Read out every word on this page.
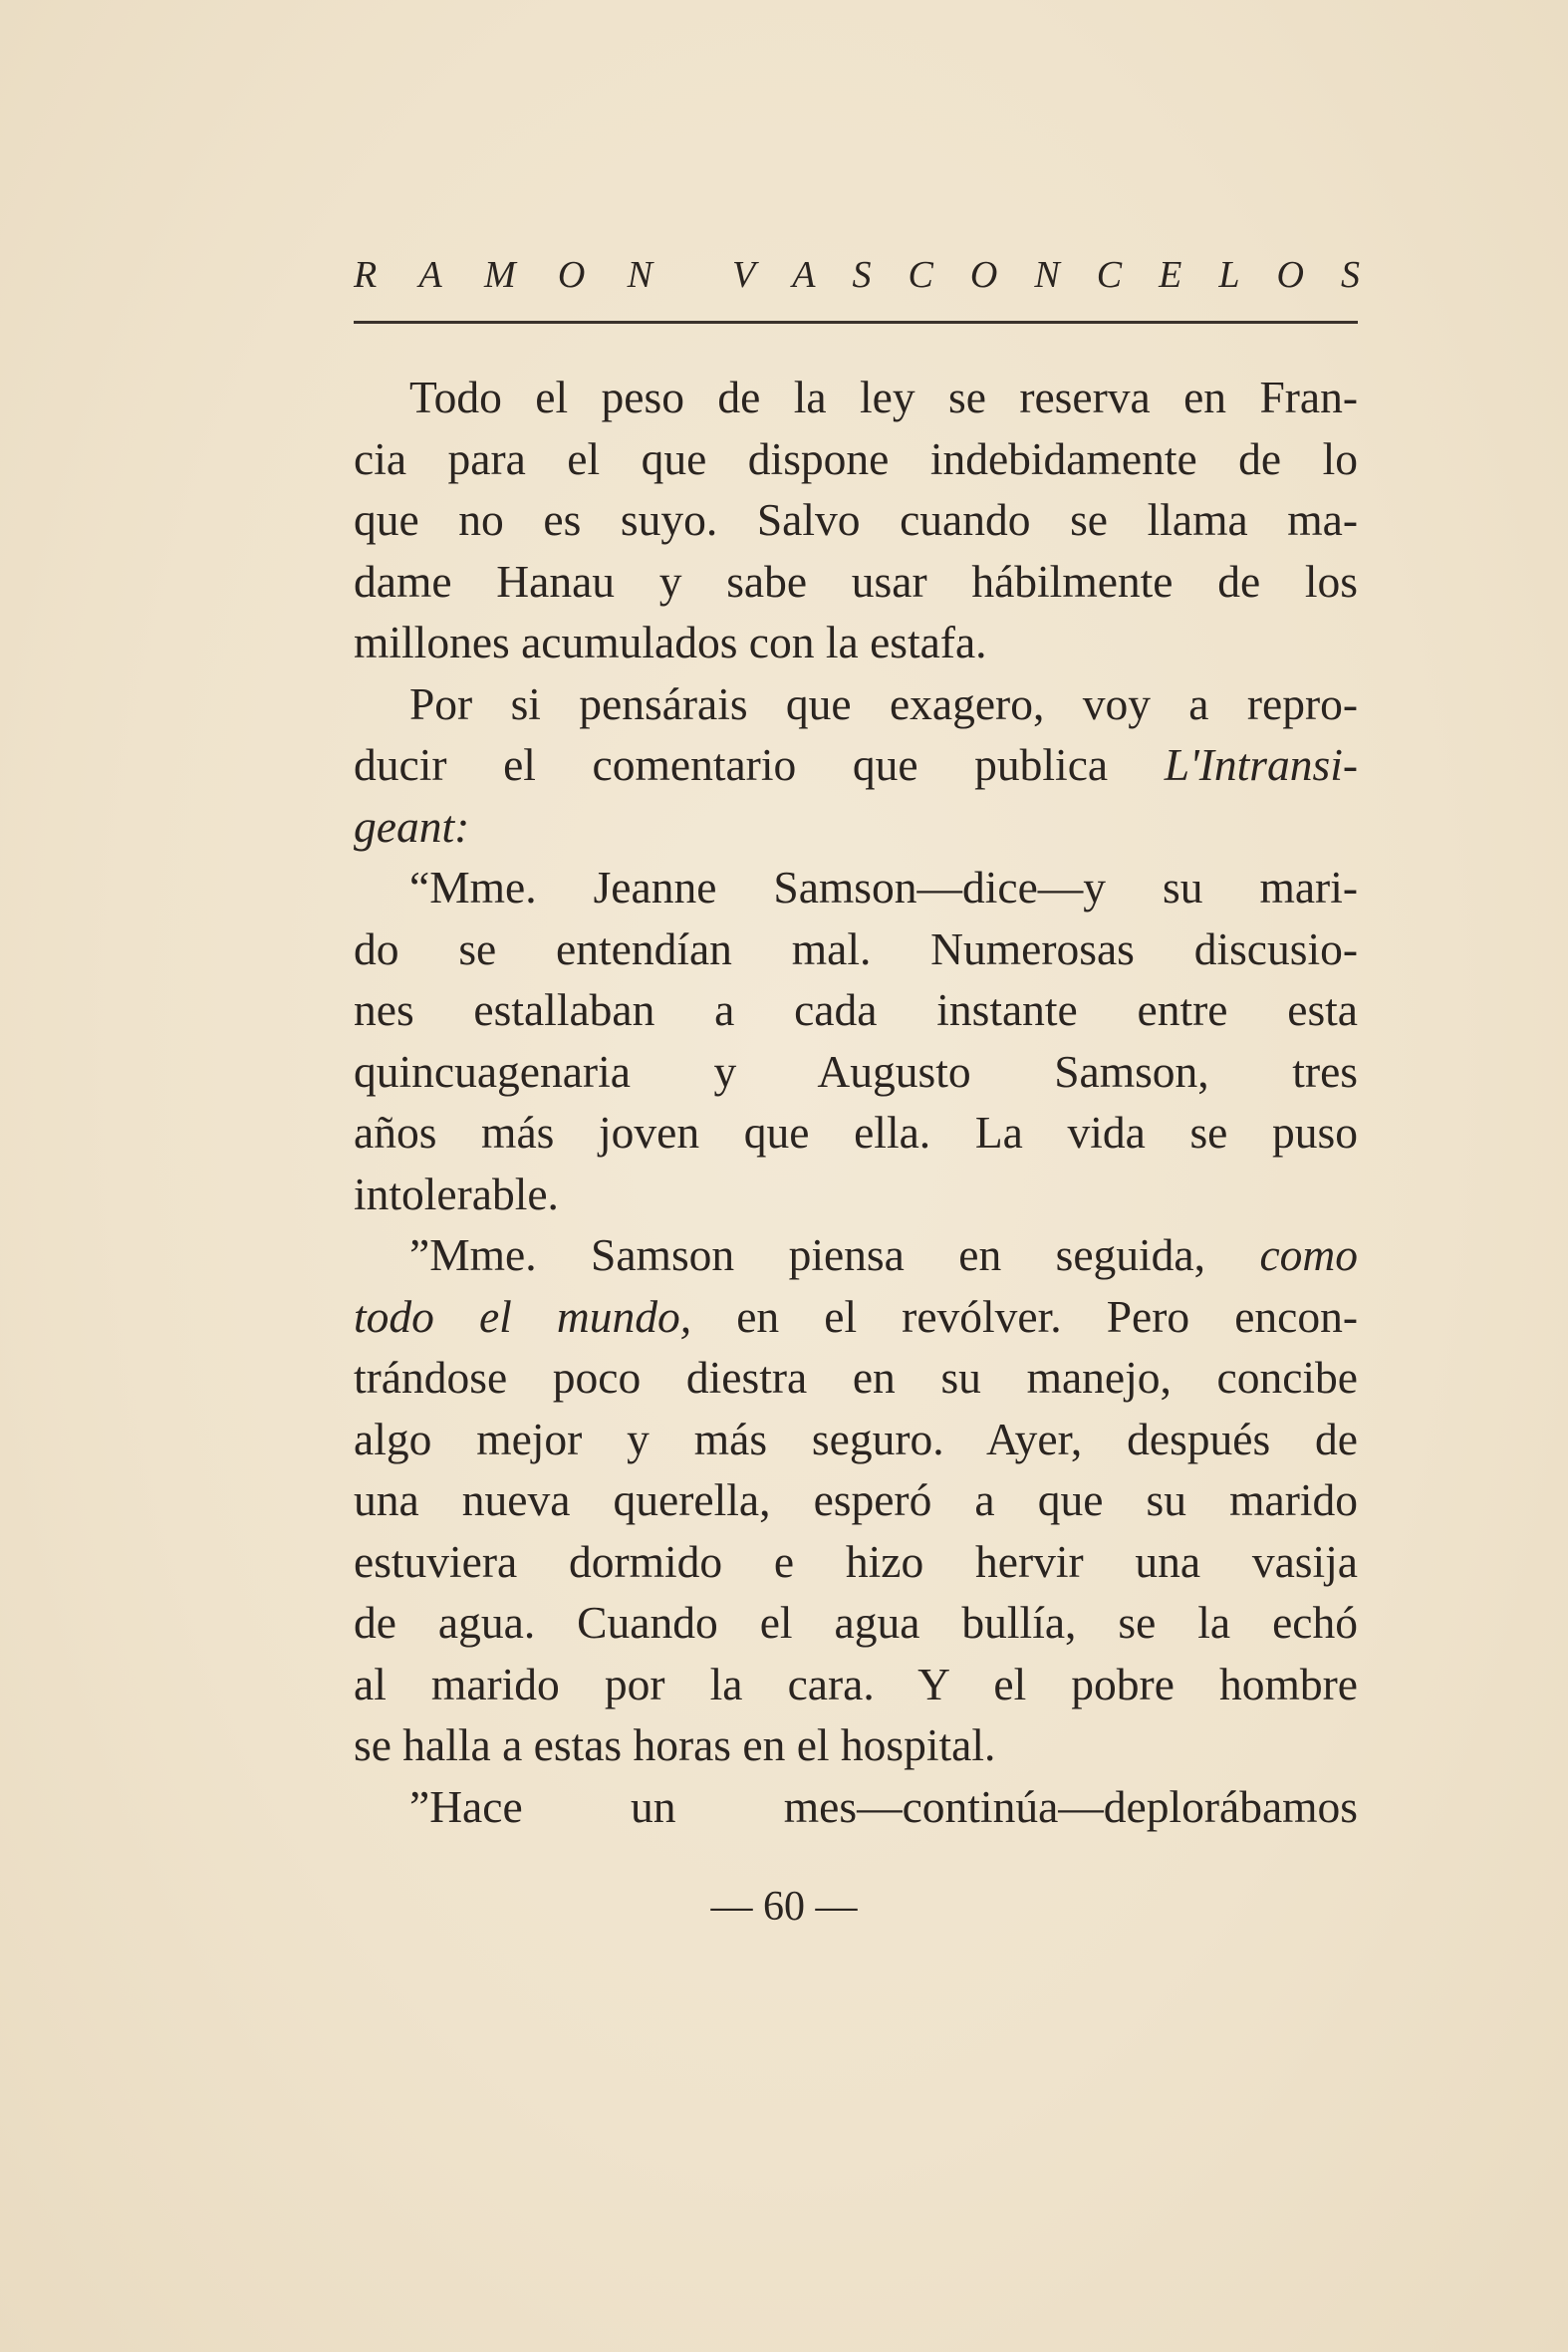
R A M O N V A S C O N C E L O S
Todo el peso de la ley se reserva en Fran-
cia para el que dispone indebidamente de lo
que no es suyo. Salvo cuando se llama ma-
dame Hanau y sabe usar hábilmente de los
millones acumulados con la estafa.
Por si pensárais que exagero, voy a repro-
ducir el comentario que publica L'Intransi-
geant:
“Mme. Jeanne Samson—dice—y su mari-
do se entendían mal. Numerosas discusio-
nes estallaban a cada instante entre esta
quincuagenaria y Augusto Samson, tres
años más joven que ella. La vida se puso
intolerable.
”Mme. Samson piensa en seguida, como
todo el mundo, en el revólver. Pero encon-
trándose poco diestra en su manejo, concibe
algo mejor y más seguro. Ayer, después de
una nueva querella, esperó a que su marido
estuviera dormido e hizo hervir una vasija
de agua. Cuando el agua bullía, se la echó
al marido por la cara. Y el pobre hombre
se halla a estas horas en el hospital.
”Hace un mes—continúa—deplorábamos
— 60 —
